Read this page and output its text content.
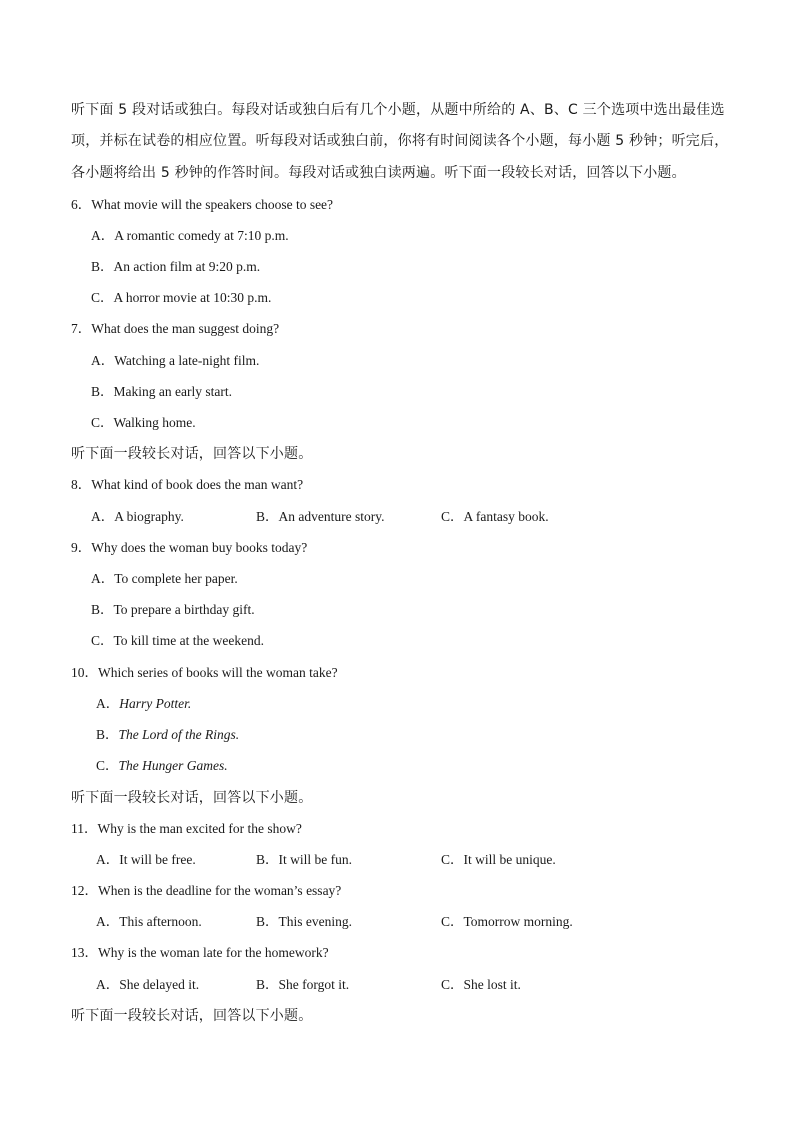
听下面 5 段对话或独白。每段对话或独白后有几个小题，从题中所给的 A、B、C 三个选项中选出最佳选
项，并标在试卷的相应位置。听每段对话或独白前，你将有时间阅读各个小题，每小题 5 秒钟；听完后，
各小题将给出 5 秒钟的作答时间。每段对话或独白读两遍。听下面一段较长对话，回答以下小题。
6．What movie will the speakers choose to see?
A．A romantic comedy at 7:10 p.m.
B．An action film at 9:20 p.m.
C．A horror movie at 10:30 p.m.
7．What does the man suggest doing?
A．Watching a late-night film.
B．Making an early start.
C．Walking home.
听下面一段较长对话，回答以下小题。
8．What kind of book does the man want?
A．A biography.	B．An adventure story.	C．A fantasy book.
9．Why does the woman buy books today?
A．To complete her paper.
B．To prepare a birthday gift.
C．To kill time at the weekend.
10．Which series of books will the woman take?
A．Harry Potter.
B．The Lord of the Rings.
C．The Hunger Games.
听下面一段较长对话，回答以下小题。
11．Why is the man excited for the show?
A．It will be free.	B．It will be fun.	C．It will be unique.
12．When is the deadline for the woman’s essay?
A．This afternoon.	B．This evening.	C．Tomorrow morning.
13．Why is the woman late for the homework?
A．She delayed it.	B．She forgot it.	C．She lost it.
听下面一段较长对话，回答以下小题。
